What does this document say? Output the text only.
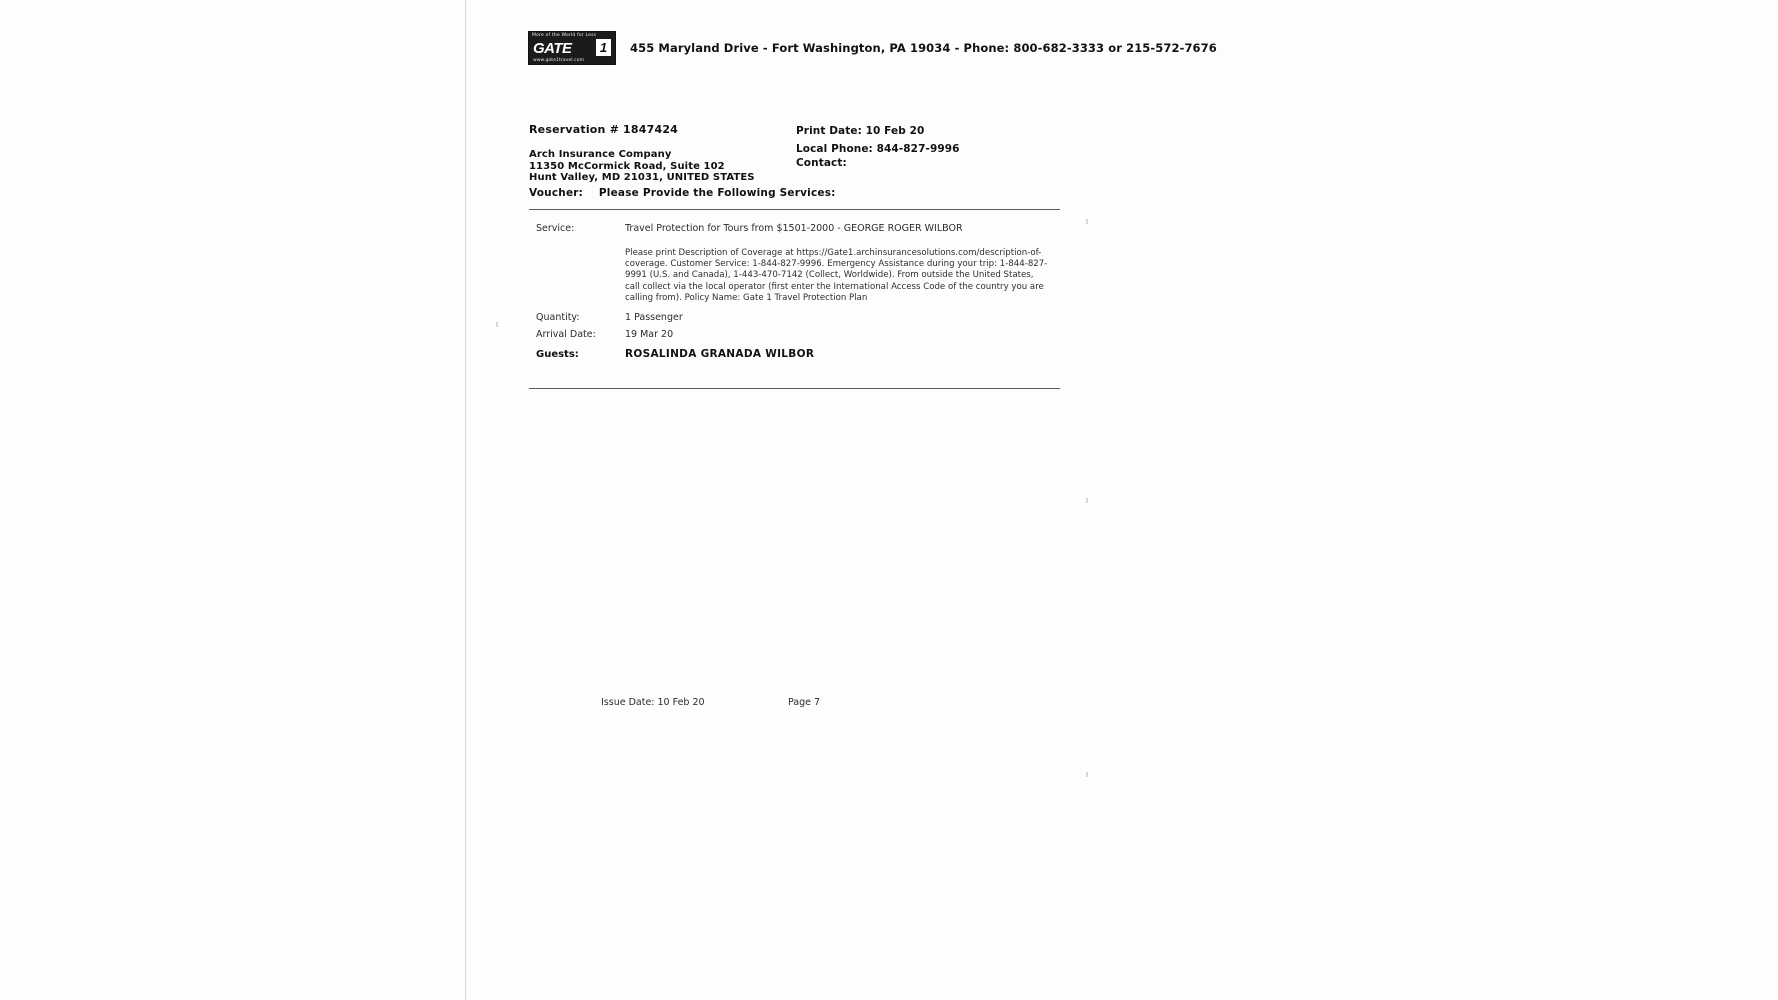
More of the World for Less
GATE 1
www.gate1travel.com
455 Maryland Drive - Fort Washington, PA 19034 - Phone: 800-682-3333 or 215-572-7676
Reservation # 1847424
Arch Insurance Company
11350 McCormick Road, Suite 102
Hunt Valley, MD 21031, UNITED STATES
Voucher: Please Provide the Following Services:
Print Date: 10 Feb 20
Local Phone: 844-827-9996
Contact:
Service:	Travel Protection for Tours from $1501-2000 - GEORGE ROGER WILBOR
Please print Description of Coverage at https://Gate1.archinsurancesolutions.com/description-of-coverage. Customer Service: 1-844-827-9996. Emergency Assistance during your trip: 1-844-827-9991 (U.S. and Canada), 1-443-470-7142 (Collect, Worldwide). From outside the United States, call collect via the local operator (first enter the International Access Code of the country you are calling from). Policy Name: Gate 1 Travel Protection Plan
Quantity:	1 Passenger
Arrival Date:	19 Mar 20
Guests:	ROSALINDA GRANADA WILBOR
Issue Date: 10 Feb 20	Page 7
